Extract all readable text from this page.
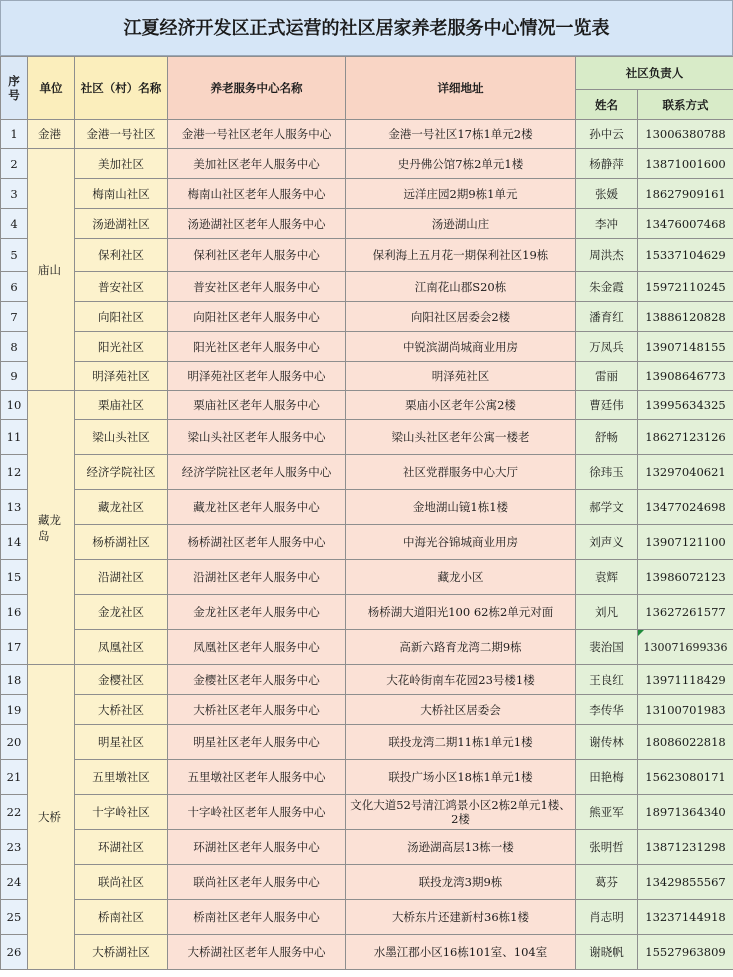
江夏经济开发区正式运营的社区居家养老服务中心情况一览表
序号	单位	社区（村）名称	养老服务中心名称	详细地址	社区负责人	
					姓名	联系方式
1	金港	金港一号社区	金港一号社区老年人服务中心	金港一号社区17栋1单元2楼	孙中云	13006380788
2	庙山	美加社区	美加社区老年人服务中心	史丹佛公馆7栋2单元1楼	杨静萍	13871001600
3		梅南山社区	梅南山社区老年人服务中心	远洋庄园2期9栋1单元	张媛	18627909161
4		汤逊湖社区	汤逊湖社区老年人服务中心	汤逊湖山庄	李冲	13476007468
5		保利社区	保利社区老年人服务中心	保利海上五月花一期保利社区19栋	周洪杰	15337104629
6		普安社区	普安社区老年人服务中心	江南花山郡S20栋	朱金霞	15972110245
7		向阳社区	向阳社区老年人服务中心	向阳社区居委会2楼	潘育红	13886120828
8		阳光社区	阳光社区老年人服务中心	中锐滨湖尚城商业用房	万凤兵	13907148155
9		明泽苑社区	明泽苑社区老年人服务中心	明泽苑社区	雷丽	13908646773
10	藏龙岛	栗庙社区	栗庙社区老年人服务中心	栗庙小区老年公寓2楼	曹廷伟	13995634325
11		梁山头社区	梁山头社区老年人服务中心	梁山头社区老年公寓一楼老	舒畅	18627123126
12		经济学院社区	经济学院社区老年人服务中心	社区党群服务中心大厅	徐玮玉	13297040621
13		藏龙社区	藏龙社区老年人服务中心	金地湖山镜1栋1楼	郝学文	13477024698
14		杨桥湖社区	杨桥湖社区老年人服务中心	中海光谷锦城商业用房	刘声义	13907121100
15		沿湖社区	沿湖社区老年人服务中心	藏龙小区	袁辉	13986072123
16		金龙社区	金龙社区老年人服务中心	杨桥湖大道阳光100 62栋2单元对面	刘凡	13627261577
17		凤凰社区	凤凰社区老年人服务中心	高新六路育龙湾二期9栋	裴治国	130071699336
18	大桥	金樱社区	金樱社区老年人服务中心	大花岭街南车花园23号楼1楼	王良红	13971118429
19		大桥社区	大桥社区老年人服务中心	大桥社区居委会	李传华	13100701983
20		明星社区	明星社区老年人服务中心	联投龙湾二期11栋1单元1楼	谢传林	18086022818
21		五里墩社区	五里墩社区老年人服务中心	联投广场小区18栋1单元1楼	田艳梅	15623080171
22		十字岭社区	十字岭社区老年人服务中心	文化大道52号清江鸿景小区2栋2单元1楼、2楼	熊亚军	18971364340
23		环湖社区	环湖社区老年人服务中心	汤逊湖高层13栋一楼	张明哲	13871231298
24		联尚社区	联尚社区老年人服务中心	联投龙湾3期9栋	葛芬	13429855567
25		桥南社区	桥南社区老年人服务中心	大桥东片还建新村36栋1楼	肖志明	13237144918
26		大桥湖社区	大桥湖社区老年人服务中心	水墨江郡小区16栋101室、104室	谢晓帆	15527963809
